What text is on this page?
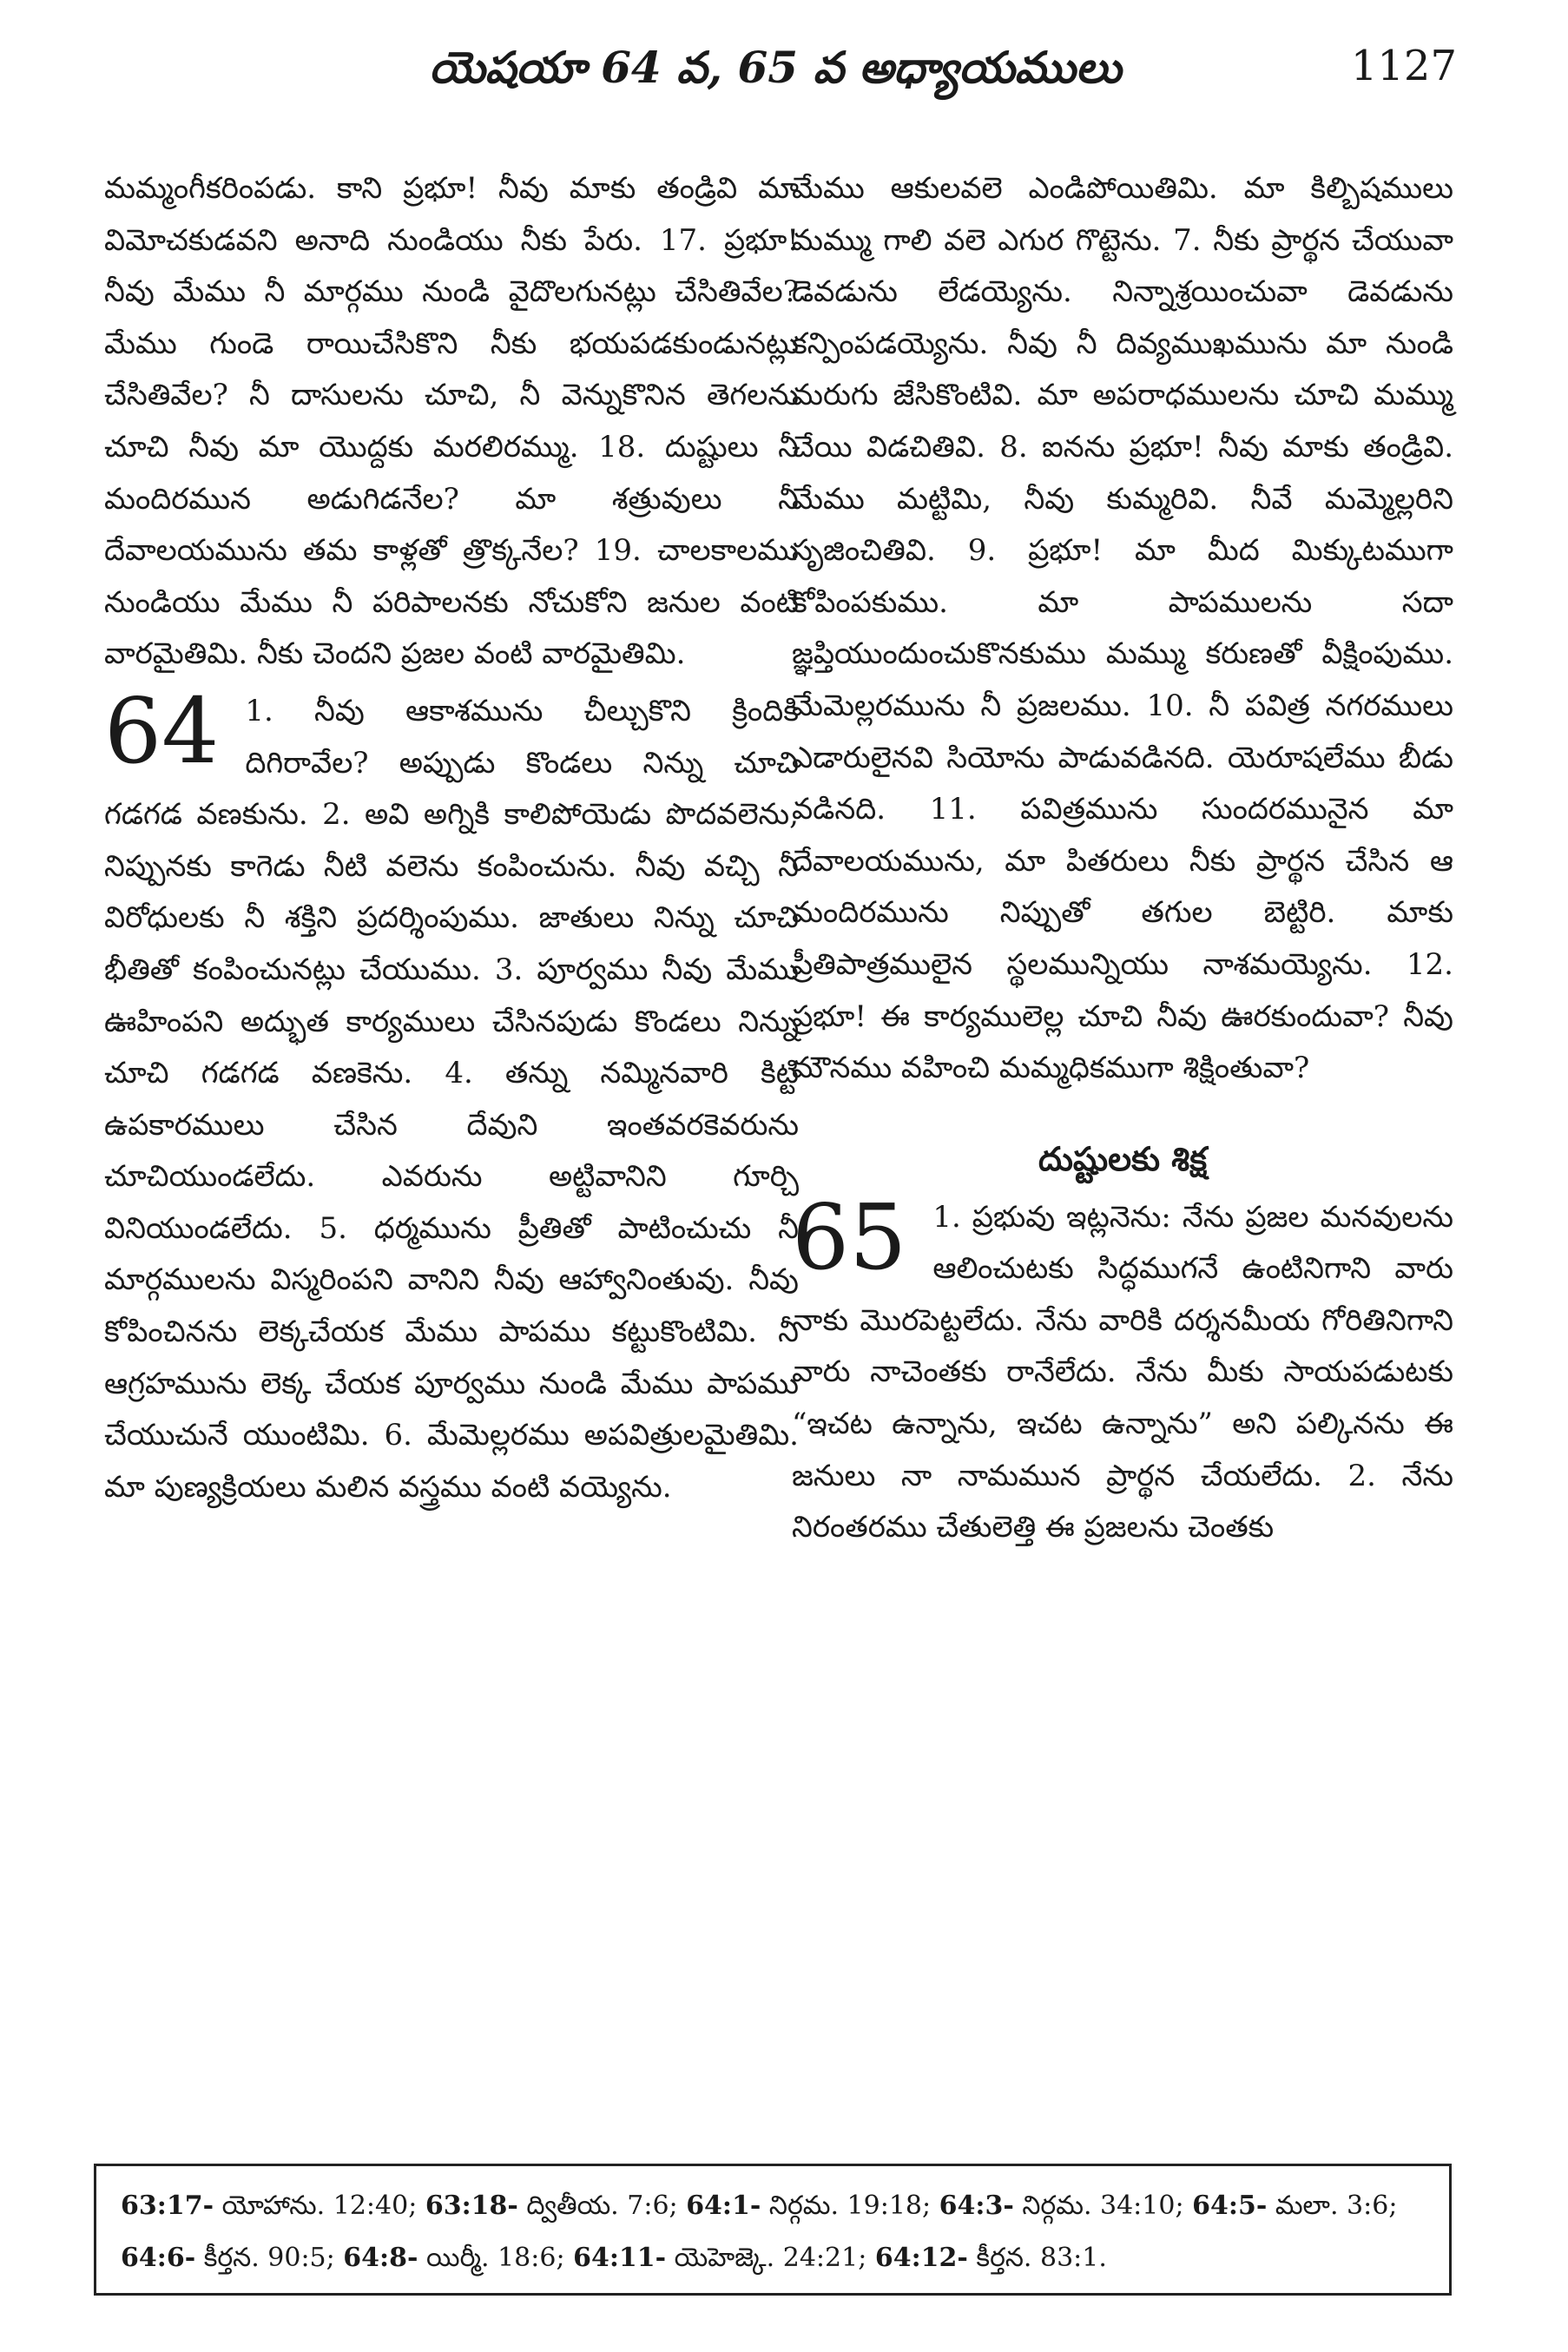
యెషయా 64 వ, 65 వ అధ్యాయములు	1127

మమ్మంగీకరింపడు. కాని ప్రభూ! నీవు మాకు తండ్రివి మా విమోచకుడవని అనాది నుండియు నీకు పేరు. 17. ప్రభూ! నీవు మేము నీ మార్గము నుండి వైదొలగునట్లు చేసితివేల? మేము గుండె రాయిచేసికొని నీకు భయపడకుండునట్లు చేసితివేల? నీ దాసులను చూచి, నీ వెన్నుకొనిన తెగలను చూచి నీవు మా యొద్దకు మరలిరమ్ము. 18. దుష్టులు నీ మందిరమున అడుగిడనేల? మా శత్రువులు నీ దేవాలయమును తమ కాళ్లతో త్రొక్కనేల? 19. చాలకాలము నుండియు మేము నీ పరిపాలనకు నోచుకోని జనుల వంటి వారమైతిమి. నీకు చెందని ప్రజల వంటి వారమైతిమి.

64 1. నీవు ఆకాశమును చీల్చుకొని క్రిందికి దిగిరావేల? అప్పుడు కొండలు నిన్ను చూచి గడగడ వణకును. 2. అవి అగ్నికి కాలిపోయెడు పొదవలెను, నిప్పునకు కాగెడు నీటి వలెను కంపించును. నీవు వచ్చి నీ విరోధులకు నీ శక్తిని ప్రదర్శింపుము. జాతులు నిన్ను చూచి భీతితో కంపించునట్లు చేయుము. 3. పూర్వము నీవు మేము ఊహింపని అద్భుత కార్యములు చేసినపుడు కొండలు నిన్ను చూచి గడగడ వణకెను. 4. తన్ను నమ్మినవారి కిట్టి ఉపకారములు చేసిన దేవుని ఇంతవరకెవరును చూచియుండలేదు. ఎవరును అట్టివానిని గూర్చి వినియుండలేదు. 5. ధర్మమును ప్రీతితో పాటించుచు నీ మార్గములను విస్మరింపని వానిని నీవు ఆహ్వానింతువు. నీవు కోపించినను లెక్కచేయక మేము పాపము కట్టుకొంటిమి. నీ ఆగ్రహమును లెక్క చేయక పూర్వము నుండి మేము పాపము చేయుచునే యుంటిమి. 6. మేమెల్లరము అపవిత్రులమైతిమి. మా పుణ్యక్రియలు మలిన వస్త్రము వంటి వయ్యెను.

మేము ఆకులవలె ఎండిపోయితిమి. మా కిల్బిషములు మమ్ము గాలి వలె ఎగుర గొట్టెను. 7. నీకు ప్రార్థన చేయువా డెవడును లేడయ్యెను. నిన్నాశ్రయించువా డెవడును కన్పింపడయ్యెను. నీవు నీ దివ్యముఖమును మా నుండి మరుగు జేసికొంటివి. మా అపరాధములను చూచి మమ్ము చేయి విడచితివి. 8. ఐనను ప్రభూ! నీవు మాకు తండ్రివి. మేము మట్టిమి, నీవు కుమ్మరివి. నీవే మమ్మెల్లరిని సృజించితివి. 9. ప్రభూ! మా మీద మిక్కుటముగా కోపింపకుము. మా పాపములను సదా జ్ఞప్తియుందుంచుకొనకుము మమ్ము కరుణతో వీక్షింపుము. మేమెల్లరమును నీ ప్రజలము. 10. నీ పవిత్ర నగరములు ఎడారులైనవి సియోను పాడువడినది. యెరూషలేము బీడు వడినది. 11. పవిత్రమును సుందరమునైన మా దేవాలయమును, మా పితరులు నీకు ప్రార్థన చేసిన ఆ మందిరమును నిప్పుతో తగుల బెట్టిరి. మాకు ప్రీతిపాత్రములైన స్థలమున్నియు నాశమయ్యెను. 12. ప్రభూ! ఈ కార్యములెల్ల చూచి నీవు ఊరకుందువా? నీవు మౌనము వహించి మమ్మధికముగా శిక్షింతువా?

దుష్టులకు శిక్ష
65 1. ప్రభువు ఇట్లనెను: నేను ప్రజల మనవులను ఆలించుటకు సిద్ధముగనే ఉంటినిగాని వారు నాకు మొరపెట్టలేదు. నేను వారికి దర్శనమీయ గోరితినిగాని వారు నాచెంతకు రానేలేదు. నేను మీకు సాయపడుటకు “ఇచట ఉన్నాను, ఇచట ఉన్నాను” అని పల్కినను ఈ జనులు నా నామమున ప్రార్థన చేయలేదు. 2. నేను నిరంతరము చేతులెత్తి ఈ ప్రజలను చెంతకు
63:17- యోహాను. 12:40; 63:18- ద్వితీయ. 7:6; 64:1- నిర్గమ. 19:18; 64:3- నిర్గమ. 34:10; 64:5- మలా. 3:6; 64:6- కీర్తన. 90:5; 64:8- యిర్మీ. 18:6; 64:11- యెహెజ్కె. 24:21; 64:12- కీర్తన. 83:1.
